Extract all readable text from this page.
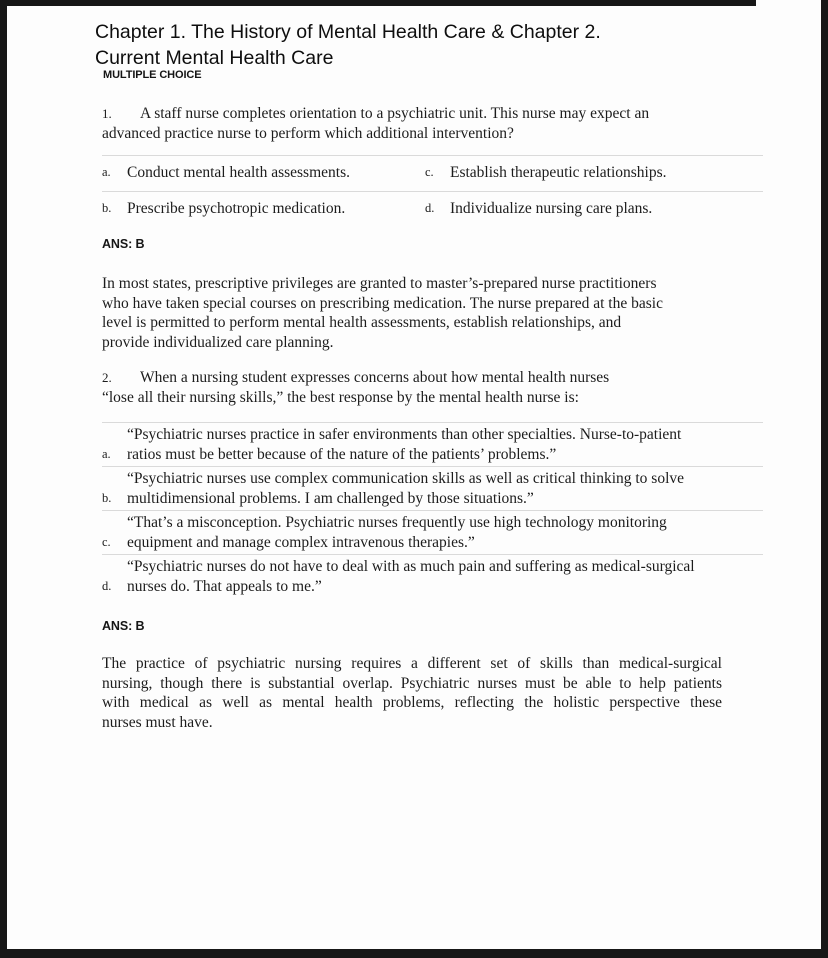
Chapter 1. The History of Mental Health Care & Chapter 2.
Current Mental Health Care
MULTIPLE CHOICE
1. A staff nurse completes orientation to a psychiatric unit. This nurse may expect an
advanced practice nurse to perform which additional intervention?
a.	Conduct mental health assessments.	c.	Establish therapeutic relationships.
b.	Prescribe psychotropic medication.	d.	Individualize nursing care plans.
ANS: B
In most states, prescriptive privileges are granted to master’s-prepared nurse practitioners
who have taken special courses on prescribing medication. The nurse prepared at the basic
level is permitted to perform mental health assessments, establish relationships, and
provide individualized care planning.
2. When a nursing student expresses concerns about how mental health nurses
“lose all their nursing skills,” the best response by the mental health nurse is:
a.
“Psychiatric nurses practice in safer environments than other specialties. Nurse-to-patient
ratios must be better because of the nature of the patients’ problems.”
b.
“Psychiatric nurses use complex communication skills as well as critical thinking to solve
multidimensional problems. I am challenged by those situations.”
c.
“That’s a misconception. Psychiatric nurses frequently use high technology monitoring
equipment and manage complex intravenous therapies.”
d.
“Psychiatric nurses do not have to deal with as much pain and suffering as medical-surgical
nurses do. That appeals to me.”
ANS: B
The practice of psychiatric nursing requires a different set of skills than medical-surgical
nursing, though there is substantial overlap. Psychiatric nurses must be able to help patients
with medical as well as mental health problems, reflecting the holistic perspective these
nurses must have.
